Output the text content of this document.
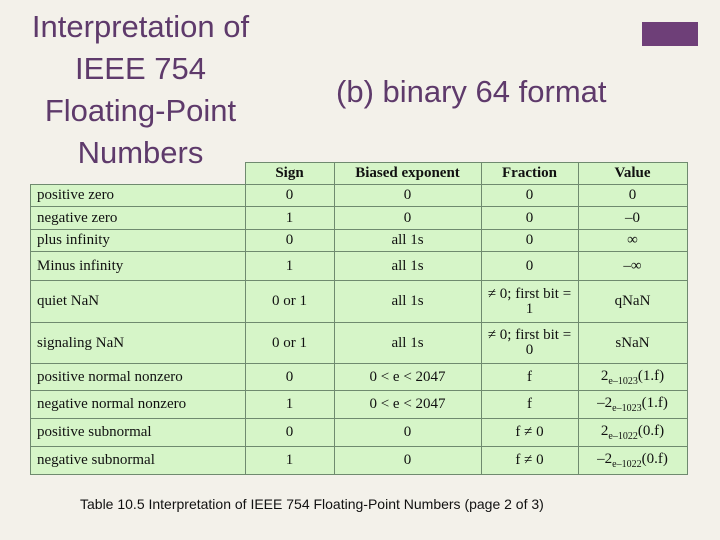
Interpretation of
IEEE 754
Floating-Point
Numbers
(b) binary 64 format
	Sign	Biased exponent	Fraction	Value
positive zero	0	0	0	0
negative zero	1	0	0	–0
plus infinity	0	all 1s	0	∞
Minus infinity	1	all 1s	0	–∞
quiet NaN	0 or 1	all 1s	≠ 0; first bit = 1	qNaN
signaling NaN	0 or 1	all 1s	≠ 0; first bit = 0	sNaN
positive normal nonzero	0	0 < e < 2047	f	$2_{e-1023}(1.f)$
negative normal nonzero	1	0 < e < 2047	f	$-2_{e-1023}(1.f)$
positive subnormal	0	0	f ≠ 0	$2_{e-1022}(0.f)$
negative subnormal	1	0	f ≠ 0	$-2_{e-1022}(0.f)$
Table 10.5 Interpretation of IEEE 754 Floating-Point Numbers (page 2 of 3)
